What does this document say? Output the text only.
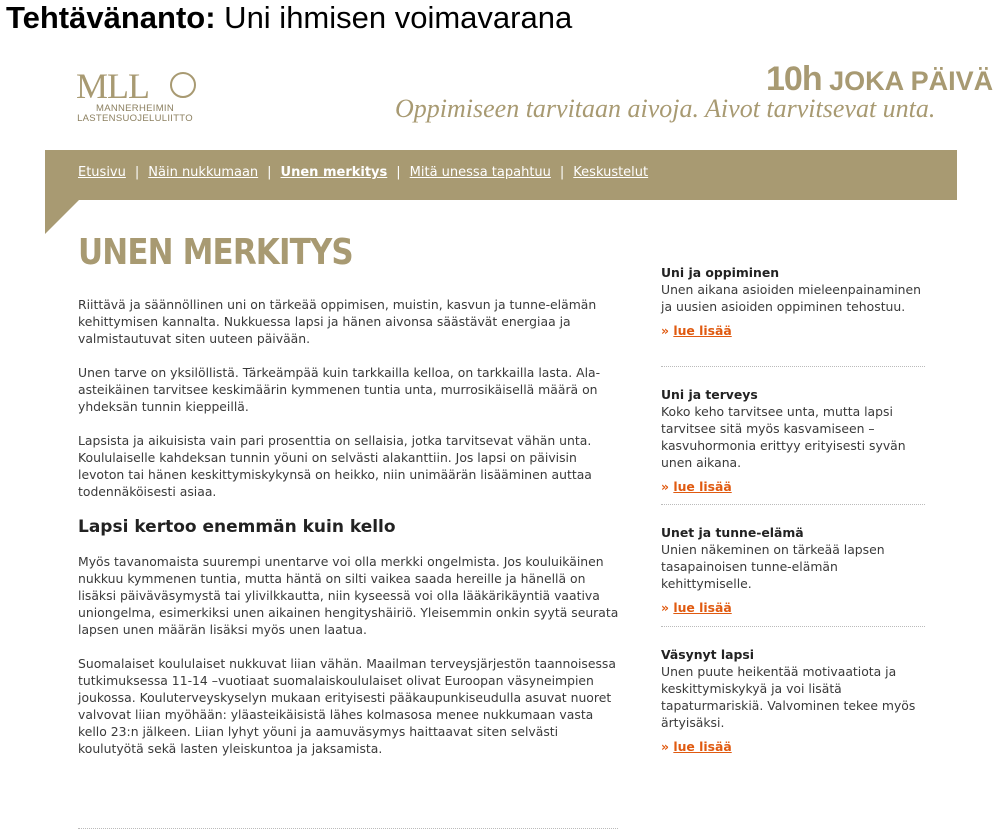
Tehtävänanto: Uni ihmisen voimavarana
MLL
MANNERHEIMIN
LASTENSUOJELULIITTO
10h JOKA PÄIVÄ
Oppimiseen tarvitaan aivoja. Aivot tarvitsevat unta.
Etusivu | Näin nukkumaan | Unen merkitys | Mitä unessa tapahtuu | Keskustelut
UNEN MERKITYS

Riittävä ja säännöllinen uni on tärkeää oppimisen, muistin, kasvun ja tunne-elämän kehittymisen kannalta. Nukkuessa lapsi ja hänen aivonsa säästävät energiaa ja valmistautuvat siten uuteen päivään.

Unen tarve on yksilöllistä. Tärkeämpää kuin tarkkailla kelloa, on tarkkailla lasta. Ala-asteikäinen tarvitsee keskimäärin kymmenen tuntia unta, murrosikäisellä määrä on yhdeksän tunnin kieppeillä.

Lapsista ja aikuisista vain pari prosenttia on sellaisia, jotka tarvitsevat vähän unta. Koululaiselle kahdeksan tunnin yöuni on selvästi alakanttiin. Jos lapsi on päivisin levoton tai hänen keskittymiskykynsä on heikko, niin unimäärän lisääminen auttaa todennäköisesti asiaa.

Lapsi kertoo enemmän kuin kello

Myös tavanomaista suurempi unentarve voi olla merkki ongelmista. Jos kouluikäinen nukkuu kymmenen tuntia, mutta häntä on silti vaikea saada hereille ja hänellä on lisäksi päiväväsymystä tai ylivilkkautta, niin kyseessä voi olla lääkärikäyntiä vaativa uniongelma, esimerkiksi unen aikainen hengityshäiriö. Yleisemmin onkin syytä seurata lapsen unen määrän lisäksi myös unen laatua.

Suomalaiset koululaiset nukkuvat liian vähän. Maailman terveysjärjestön taannoisessa tutkimuksessa 11-14 –vuotiaat suomalaiskoululaiset olivat Euroopan väsyneimpien joukossa. Kouluterveyskyselyn mukaan erityisesti pääkaupunkiseudulla asuvat nuoret valvovat liian myöhään: yläasteikäisistä lähes kolmasosa menee nukkumaan vasta kello 23:n jälkeen. Liian lyhyt yöuni ja aamuväsymys haittaavat siten selvästi koulutyötä sekä lasten yleiskuntoa ja jaksamista.

Uni ja oppiminen

Unen aikana asioiden mieleenpainaminen ja uusien asioiden oppiminen tehostuu.

» lue lisää
Uni ja terveys

Koko keho tarvitsee unta, mutta lapsi tarvitsee sitä myös kasvamiseen – kasvuhormonia erittyy erityisesti syvän unen aikana.

» lue lisää
Unet ja tunne-elämä

Unien näkeminen on tärkeää lapsen tasapainoisen tunne-elämän kehittymiselle.

» lue lisää
Väsynyt lapsi

Unen puute heikentää motivaatiota ja keskittymiskykyä ja voi lisätä tapaturmariskiä. Valvominen tekee myös ärtyisäksi.

» lue lisää
